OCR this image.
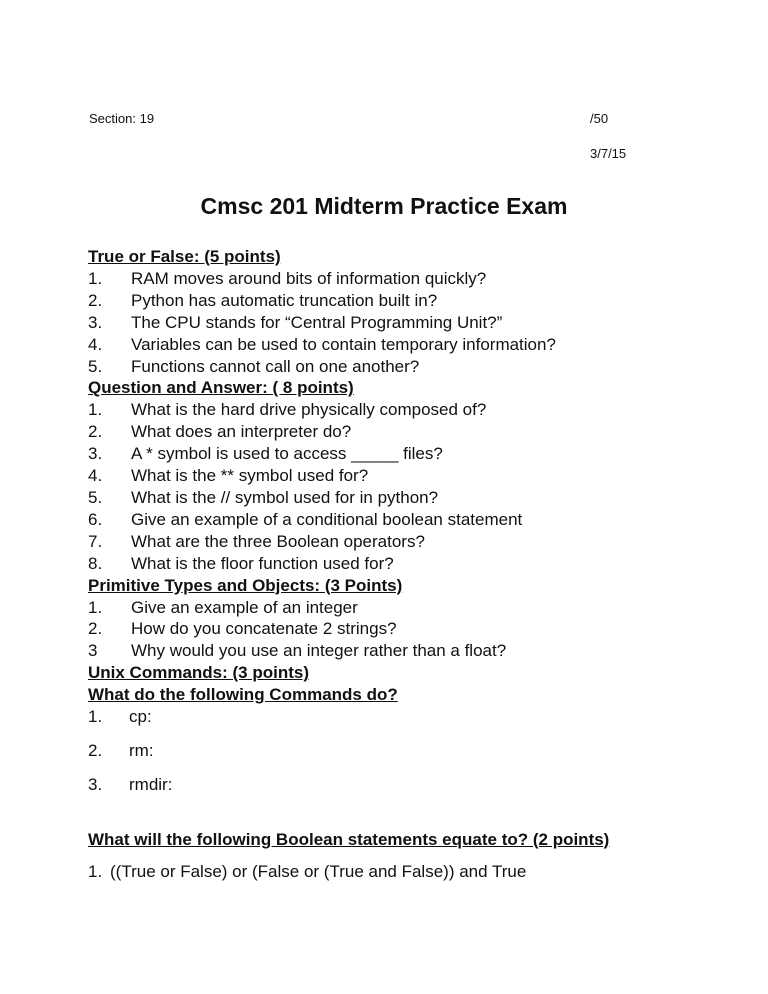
Section: 19	/50
3/7/15
Cmsc 201 Midterm Practice Exam
True or False: (5 points)
1.	RAM moves around bits of information quickly?
2.	Python has automatic truncation built in?
3.	The CPU stands for “Central Programming Unit?”
4.	Variables can be used to contain temporary information?
5.	Functions cannot call on one another?
Question and Answer: ( 8 points)
1.	What is the hard drive physically composed of?
2.	What does an interpreter do?
3.	A * symbol is used to access _____ files?
4.	What is the ** symbol used for?
5.	What is the // symbol used for in python?
6.	Give an example of a conditional boolean statement
7.	What are the three Boolean operators?
8.	What is the floor function used for?
Primitive Types and Objects: (3 Points)
1.	Give an example of an integer
2.	How do you concatenate 2 strings?
3	Why would you use an integer rather than a float?
Unix Commands: (3 points)
What do the following Commands do?
1.	cp:
2.	rm:
3.	rmdir:
What will the following Boolean statements equate to? (2 points)
1. ((True or False) or (False or (True and False)) and True
